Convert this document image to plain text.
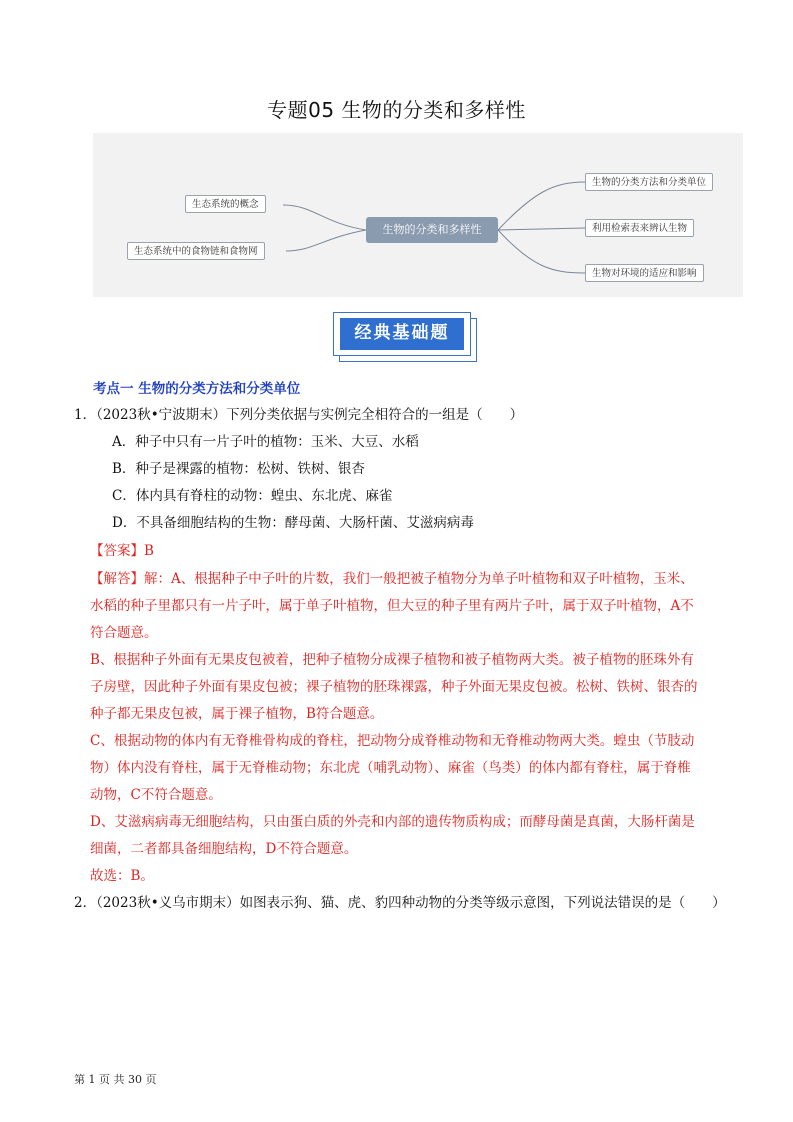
专题05 生物的分类和多样性
生物的分类和多样性
生态系统的概念
生态系统中的食物链和食物网
生物的分类方法和分类单位
利用检索表来辨认生物
生物对环境的适应和影响
经典基础题
考点一 生物的分类方法和分类单位
1．（2023秋•宁波期末）下列分类依据与实例完全相符合的一组是（　　）
A．种子中只有一片子叶的植物：玉米、大豆、水稻
B．种子是裸露的植物：松树、铁树、银杏
C．体内具有脊柱的动物：蝗虫、东北虎、麻雀
D．不具备细胞结构的生物：酵母菌、大肠杆菌、艾滋病病毒
【答案】B
【解答】解：A、根据种子中子叶的片数，我们一般把被子植物分为单子叶植物和双子叶植物，玉米、
水稻的种子里都只有一片子叶，属于单子叶植物，但大豆的种子里有两片子叶，属于双子叶植物，A不
符合题意。
B、根据种子外面有无果皮包被着，把种子植物分成裸子植物和被子植物两大类。被子植物的胚珠外有
子房壁，因此种子外面有果皮包被；裸子植物的胚珠裸露，种子外面无果皮包被。松树、铁树、银杏的
种子都无果皮包被，属于裸子植物，B符合题意。
C、根据动物的体内有无脊椎骨构成的脊柱，把动物分成脊椎动物和无脊椎动物两大类。蝗虫（节肢动
物）体内没有脊柱，属于无脊椎动物；东北虎（哺乳动物）、麻雀（鸟类）的体内都有脊柱，属于脊椎
动物，C不符合题意。
D、艾滋病病毒无细胞结构，只由蛋白质的外壳和内部的遗传物质构成；而酵母菌是真菌，大肠杆菌是
细菌，二者都具备细胞结构，D不符合题意。
故选：B。
2．（2023秋•义乌市期末）如图表示狗、猫、虎、豹四种动物的分类等级示意图，下列说法错误的是（　　）
第 1 页 共 30 页
